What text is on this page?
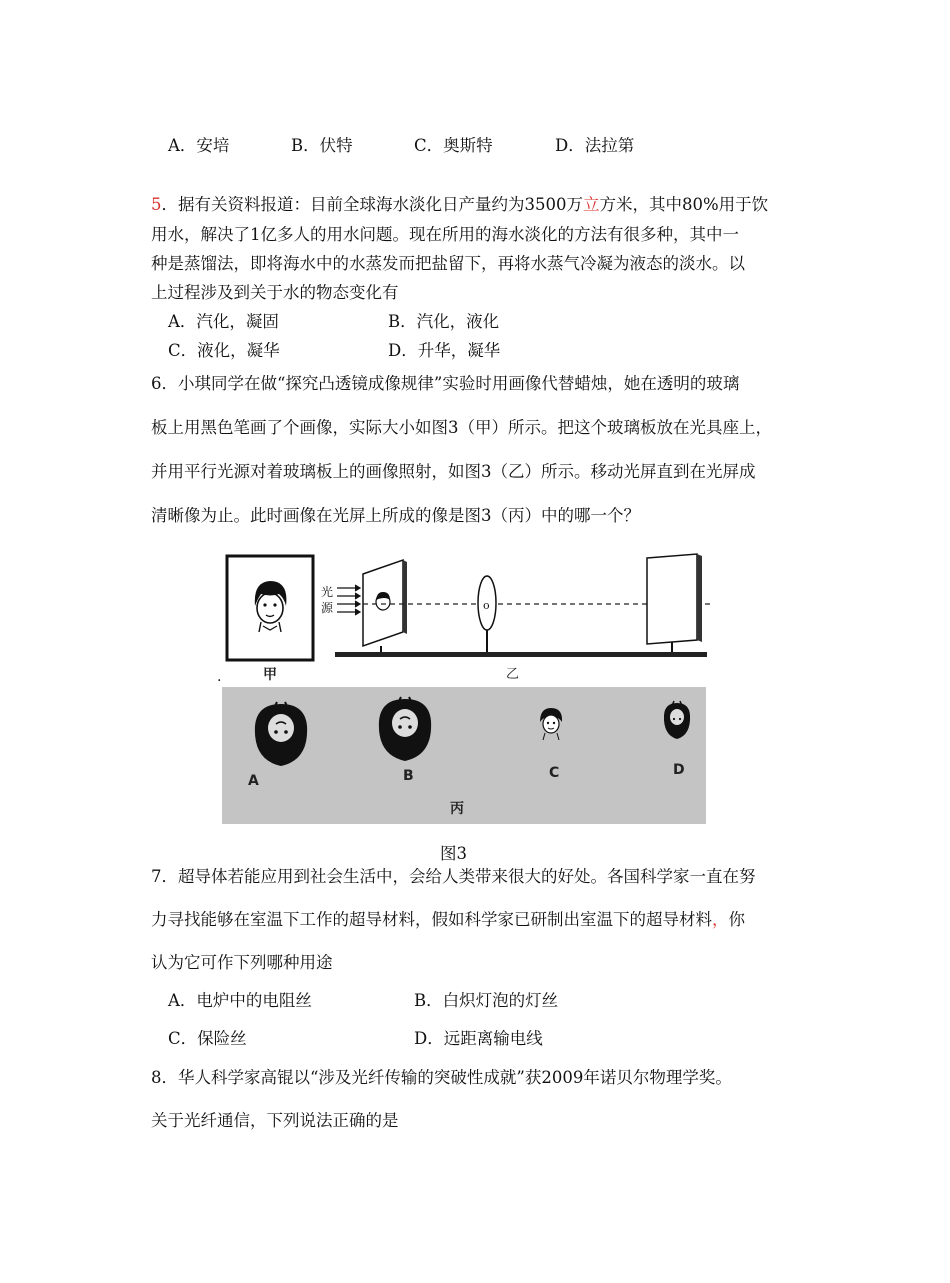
A．安培	B．伏特	C．奥斯特	D．法拉第
5．据有关资料报道：目前全球海水淡化日产量约为3500万立方米，其中80%用于饮
用水，解决了1亿多人的用水问题。现在所用的海水淡化的方法有很多种，其中一
种是蒸馏法，即将海水中的水蒸发而把盐留下，再将水蒸气冷凝为液态的淡水。以
上过程涉及到关于水的物态变化有
A．汽化，凝固	B．汽化，液化
C．液化，凝华	D．升华，凝华
6．小琪同学在做“探究凸透镜成像规律”实验时用画像代替蜡烛，她在透明的玻璃
板上用黑色笔画了个画像，实际大小如图3（甲）所示。把这个玻璃板放在光具座上，
并用平行光源对着玻璃板上的画像照射，如图3（乙）所示。移动光屏直到在光屏成
清晰像为止。此时画像在光屏上所成的像是图3（丙）中的哪一个？
甲
.
光
源	o
乙
A	B	C	D
丙
图3
7．超导体若能应用到社会生活中，会给人类带来很大的好处。各国科学家一直在努
力寻找能够在室温下工作的超导材料，假如科学家已研制出室温下的超导材料，你
认为它可作下列哪种用途
A．电炉中的电阻丝	B．白炽灯泡的灯丝
C．保险丝	D．远距离输电线
8．华人科学家高锟以“涉及光纤传输的突破性成就”获2009年诺贝尔物理学奖。
关于光纤通信，下列说法正确的是
